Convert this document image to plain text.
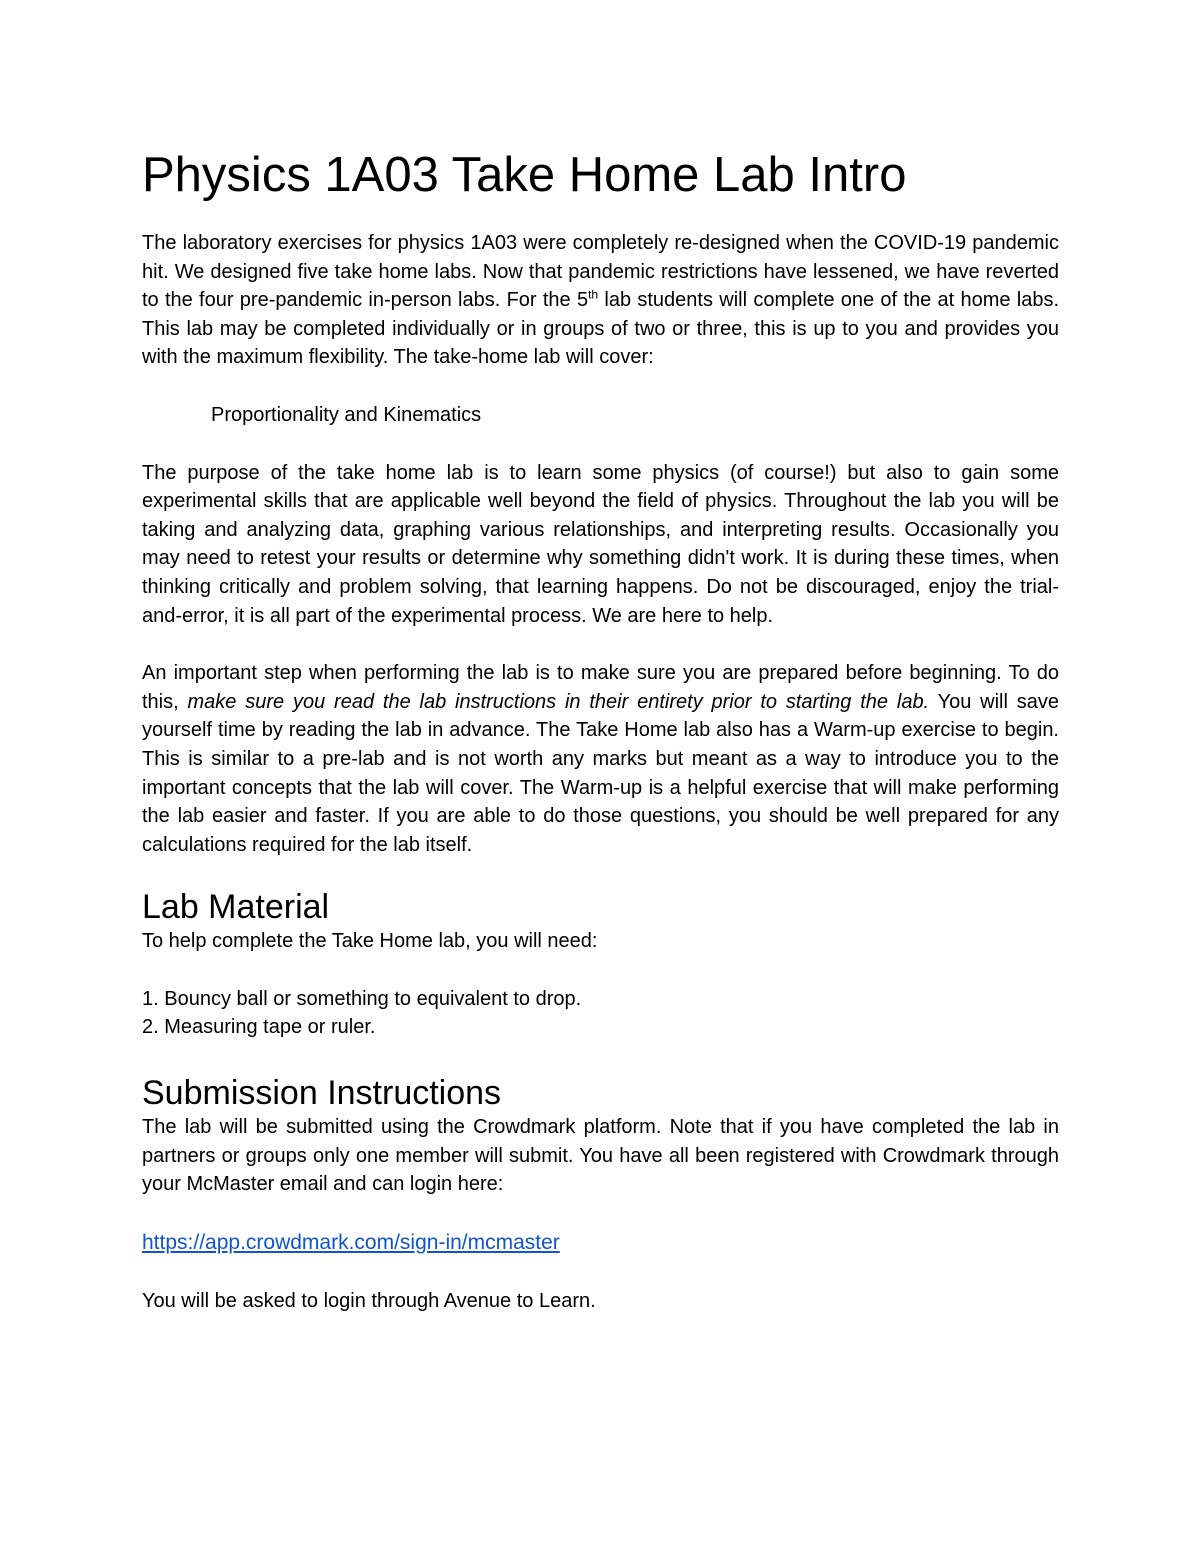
Physics 1A03 Take Home Lab Intro

The laboratory exercises for physics 1A03 were completely re-designed when the COVID-19 pandemic hit. We designed five take home labs. Now that pandemic restrictions have lessened, we have reverted to the four pre-pandemic in-person labs. For the 5th lab students will complete one of the at home labs. This lab may be completed individually or in groups of two or three, this is up to you and provides you with the maximum flexibility. The take-home lab will cover:

Proportionality and Kinematics

The purpose of the take home lab is to learn some physics (of course!) but also to gain some experimental skills that are applicable well beyond the field of physics. Throughout the lab you will be taking and analyzing data, graphing various relationships, and interpreting results. Occasionally you may need to retest your results or determine why something didn't work. It is during these times, when thinking critically and problem solving, that learning happens. Do not be discouraged, enjoy the trial-and-error, it is all part of the experimental process. We are here to help.

An important step when performing the lab is to make sure you are prepared before beginning. To do this, make sure you read the lab instructions in their entirety prior to starting the lab. You will save yourself time by reading the lab in advance. The Take Home lab also has a Warm-up exercise to begin. This is similar to a pre-lab and is not worth any marks but meant as a way to introduce you to the important concepts that the lab will cover. The Warm-up is a helpful exercise that will make performing the lab easier and faster. If you are able to do those questions, you should be well prepared for any calculations required for the lab itself.

Lab Material

To help complete the Take Home lab, you will need:

1. Bouncy ball or something to equivalent to drop.
2. Measuring tape or ruler.
Submission Instructions

The lab will be submitted using the Crowdmark platform. Note that if you have completed the lab in partners or groups only one member will submit. You have all been registered with Crowdmark through your McMaster email and can login here:

https://app.crowdmark.com/sign-in/mcmaster

You will be asked to login through Avenue to Learn.
